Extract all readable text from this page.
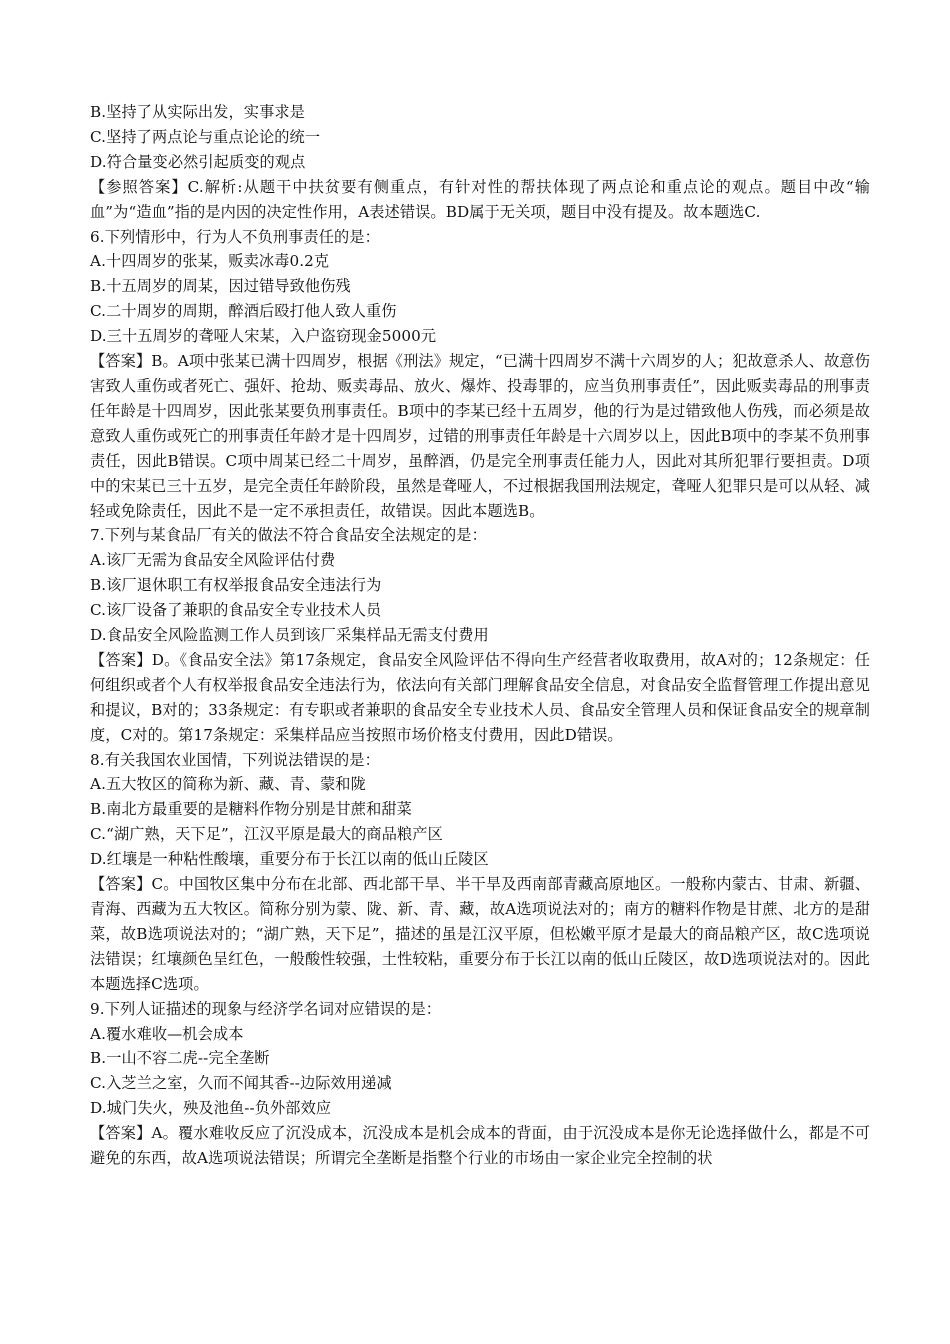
B.坚持了从实际出发，实事求是

C.坚持了两点论与重点论论的统一

D.符合量变必然引起质变的观点

【参照答案】C.解析:从题干中扶贫要有侧重点，有针对性的帮扶体现了两点论和重点论的观点。题目中改“输血”为“造血”指的是内因的决定性作用，A表述错误。BD属于无关项，题目中没有提及。故本题选C.

6.下列情形中，行为人不负刑事责任的是：

A.十四周岁的张某，贩卖冰毒0.2克

B.十五周岁的周某，因过错导致他伤残

C.二十周岁的周期，醉酒后殴打他人致人重伤

D.三十五周岁的聋哑人宋某，入户盗窃现金5000元

【答案】B。A项中张某已满十四周岁，根据《刑法》规定，“已满十四周岁不满十六周岁的人；犯故意杀人、故意伤害致人重伤或者死亡、强奸、抢劫、贩卖毒品、放火、爆炸、投毒罪的，应当负刑事责任”，因此贩卖毒品的刑事责任年龄是十四周岁，因此张某要负刑事责任。B项中的李某已经十五周岁，他的行为是过错致他人伤残，而必须是故意致人重伤或死亡的刑事责任年龄才是十四周岁，过错的刑事责任年龄是十六周岁以上，因此B项中的李某不负刑事责任，因此B错误。C项中周某已经二十周岁，虽醉酒，仍是完全刑事责任能力人，因此对其所犯罪行要担责。D项中的宋某已三十五岁，是完全责任年龄阶段，虽然是聋哑人，不过根据我国刑法规定，聋哑人犯罪只是可以从轻、减轻或免除责任，因此不是一定不承担责任，故错误。因此本题选B。

7.下列与某食品厂有关的做法不符合食品安全法规定的是：

A.该厂无需为食品安全风险评估付费

B.该厂退休职工有权举报食品安全违法行为

C.该厂设备了兼职的食品安全专业技术人员

D.食品安全风险监测工作人员到该厂采集样品无需支付费用

【答案】D。《食品安全法》第17条规定，食品安全风险评估不得向生产经营者收取费用，故A对的；12条规定：任何组织或者个人有权举报食品安全违法行为，依法向有关部门理解食品安全信息，对食品安全监督管理工作提出意见和提议，B对的；33条规定：有专职或者兼职的食品安全专业技术人员、食品安全管理人员和保证食品安全的规章制度，C对的。第17条规定：采集样品应当按照市场价格支付费用，因此D错误。

8.有关我国农业国情，下列说法错误的是：

A.五大牧区的简称为新、藏、青、蒙和陇

B.南北方最重要的是糖料作物分别是甘蔗和甜菜

C.“湖广熟，天下足”，江汉平原是最大的商品粮产区

D.红壤是一种粘性酸壤，重要分布于长江以南的低山丘陵区

【答案】C。中国牧区集中分布在北部、西北部干旱、半干旱及西南部青藏高原地区。一般称内蒙古、甘肃、新疆、青海、西藏为五大牧区。简称分别为蒙、陇、新、青、藏，故A选项说法对的；南方的糖料作物是甘蔗、北方的是甜菜，故B选项说法对的；“湖广熟，天下足”，描述的虽是江汉平原，但松嫩平原才是最大的商品粮产区，故C选项说法错误；红壤颜色呈红色，一般酸性较强，土性较粘，重要分布于长江以南的低山丘陵区，故D选项说法对的。因此本题选择C选项。

9.下列人证描述的现象与经济学名词对应错误的是：

A.覆水难收—机会成本

B.一山不容二虎--完全垄断

C.入芝兰之室，久而不闻其香--边际效用递减

D.城门失火，殃及池鱼--负外部效应

【答案】A。覆水难收反应了沉没成本，沉没成本是机会成本的背面，由于沉没成本是你无论选择做什么，都是不可避免的东西，故A选项说法错误；所谓完全垄断是指整个行业的市场由一家企业完全控制的状
